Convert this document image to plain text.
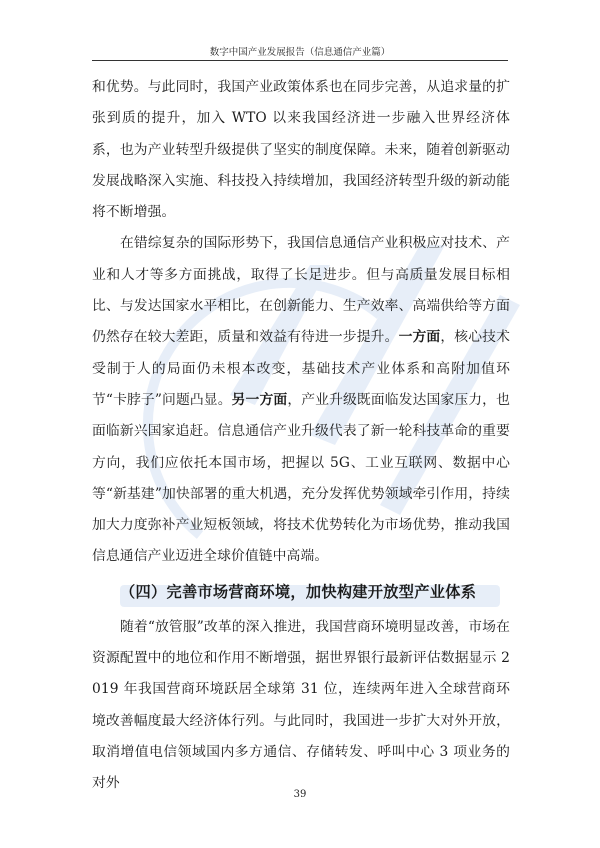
数字中国产业发展报告（信息通信产业篇）

和优势。与此同时，我国产业政策体系也在同步完善，从追求量的扩张到质的提升，加入 WTO 以来我国经济进一步融入世界经济体系，也为产业转型升级提供了坚实的制度保障。未来，随着创新驱动发展战略深入实施、科技投入持续增加，我国经济转型升级的新动能将不断增强。

在错综复杂的国际形势下，我国信息通信产业积极应对技术、产业和人才等多方面挑战，取得了长足进步。但与高质量发展目标相比、与发达国家水平相比，在创新能力、生产效率、高端供给等方面仍然存在较大差距，质量和效益有待进一步提升。一方面，核心技术受制于人的局面仍未根本改变，基础技术产业体系和高附加值环节“卡脖子”问题凸显。另一方面，产业升级既面临发达国家压力，也面临新兴国家追赶。信息通信产业升级代表了新一轮科技革命的重要方向，我们应依托本国市场，把握以 5G、工业互联网、数据中心等“新基建”加快部署的重大机遇，充分发挥优势领域牵引作用，持续加大力度弥补产业短板领域，将技术优势转化为市场优势，推动我国信息通信产业迈进全球价值链中高端。

（四）完善市场营商环境，加快构建开放型产业体系

随着“放管服”改革的深入推进，我国营商环境明显改善，市场在资源配置中的地位和作用不断增强，据世界银行最新评估数据显示 2019 年我国营商环境跃居全球第 31 位，连续两年进入全球营商环境改善幅度最大经济体行列。与此同时，我国进一步扩大对外开放，取消增值电信领域国内多方通信、存储转发、呼叫中心 3 项业务的对外

39
